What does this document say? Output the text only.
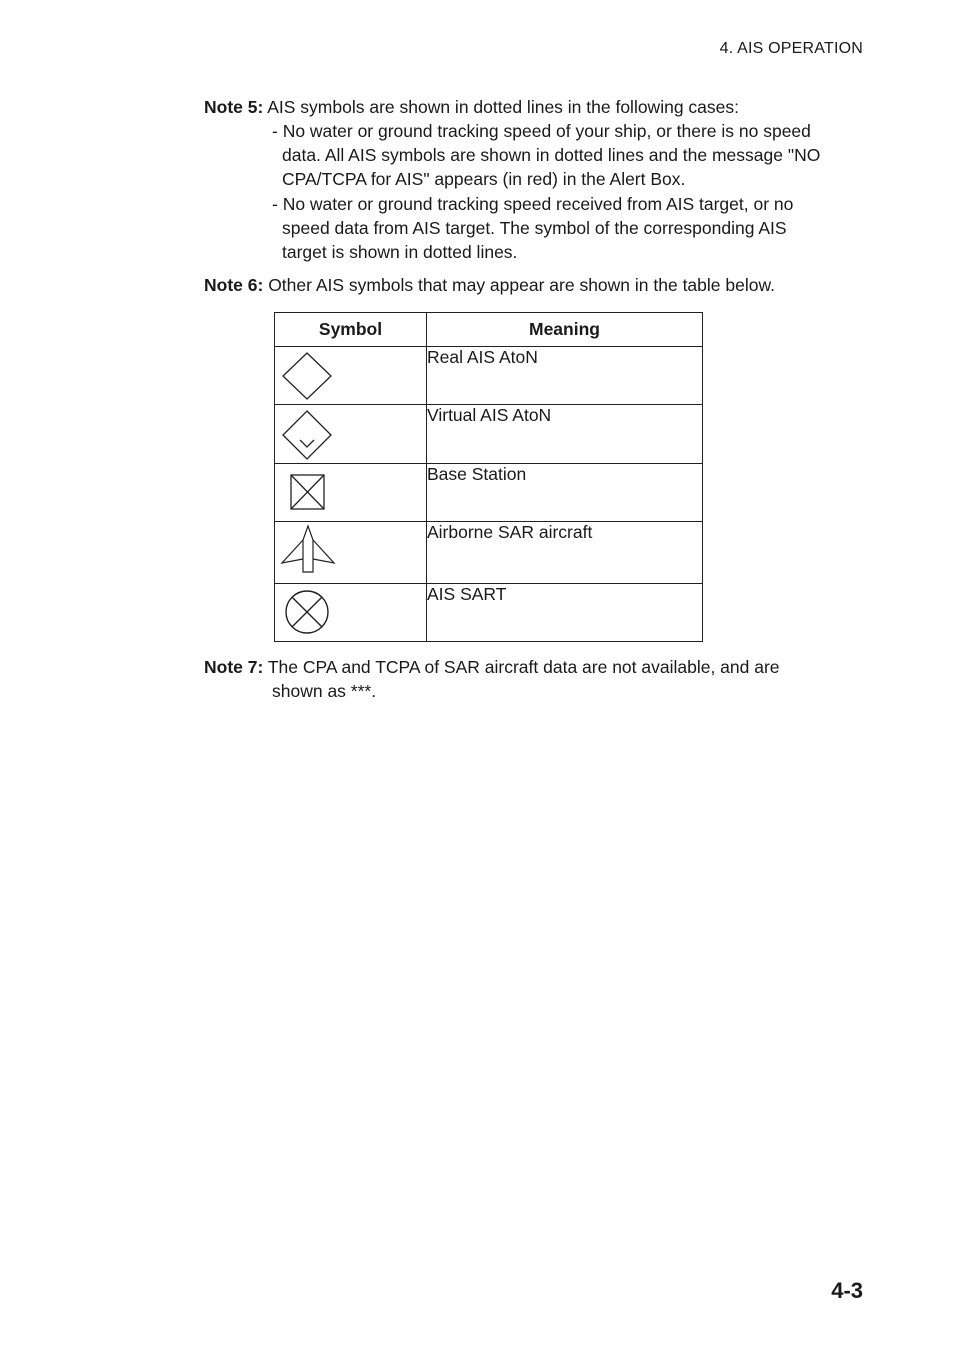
4. AIS OPERATION
Note 5: AIS symbols are shown in dotted lines in the following cases:
- No water or ground tracking speed of your ship, or there is no speed
data. All AIS symbols are shown in dotted lines and the message "NO
CPA/TCPA for AIS" appears (in red) in the Alert Box.
- No water or ground tracking speed received from AIS target, or no
speed data from AIS target. The symbol of the corresponding AIS
target is shown in dotted lines.
Note 6: Other AIS symbols that may appear are shown in the table below.
Symbol	Meaning

	Real AIS AtoN

	Virtual AIS AtoN

	Base Station

	Airborne SAR aircraft

	AIS SART
Note 7: The CPA and TCPA of SAR aircraft data are not available, and are
shown as ***.
4-3
